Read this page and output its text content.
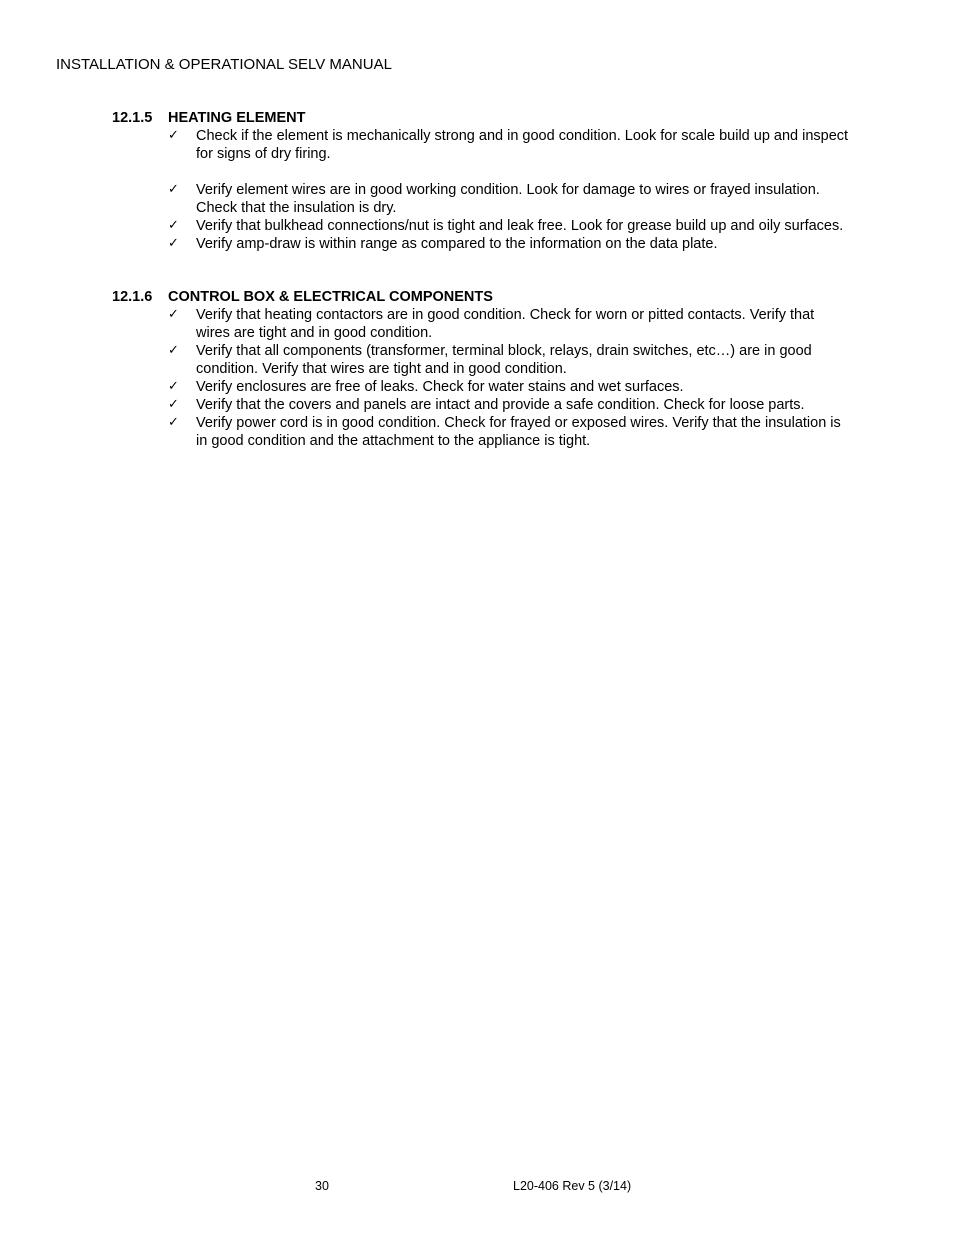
INSTALLATION & OPERATIONAL SELV MANUAL
12.1.5 HEATING ELEMENT
✓ Check if the element is mechanically strong and in good condition. Look for scale build up and inspect for signs of dry firing.
✓ Verify element wires are in good working condition. Look for damage to wires or frayed insulation. Check that the insulation is dry.
✓ Verify that bulkhead connections/nut is tight and leak free. Look for grease build up and oily surfaces.
✓ Verify amp-draw is within range as compared to the information on the data plate.
12.1.6 CONTROL BOX & ELECTRICAL COMPONENTS
✓ Verify that heating contactors are in good condition. Check for worn or pitted contacts. Verify that wires are tight and in good condition.
✓ Verify that all components (transformer, terminal block, relays, drain switches, etc…) are in good condition. Verify that wires are tight and in good condition.
✓ Verify enclosures are free of leaks. Check for water stains and wet surfaces.
✓ Verify that the covers and panels are intact and provide a safe condition. Check for loose parts.
✓ Verify power cord is in good condition. Check for frayed or exposed wires. Verify that the insulation is in good condition and the attachment to the appliance is tight.
30	L20-406 Rev 5 (3/14)
